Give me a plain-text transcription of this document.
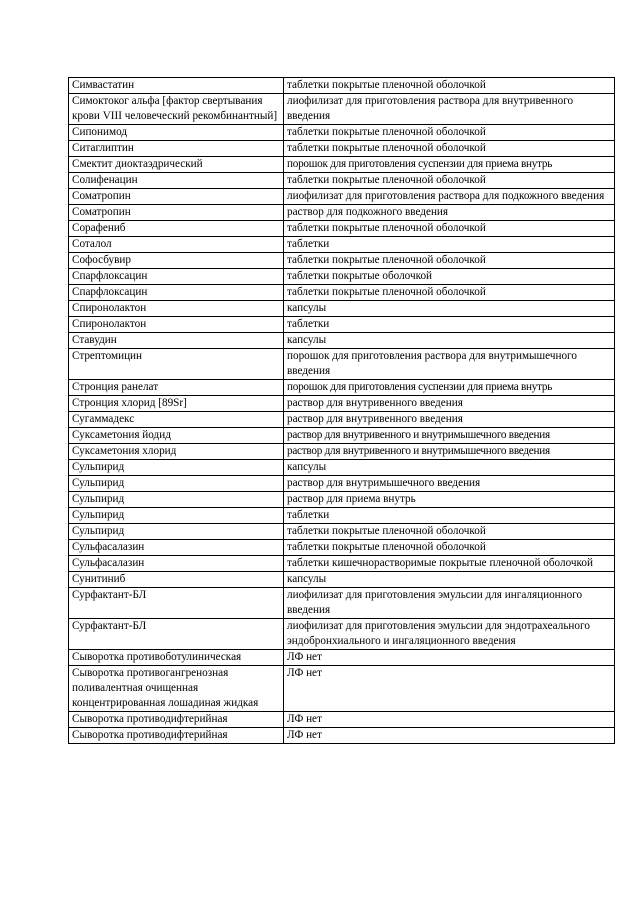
Симвастатин	таблетки покрытые пленочной оболочкой
Симоктоког альфа [фактор свертывания крови VIII человеческий рекомбинантный]	лиофилизат для приготовления раствора для внутривенного введения
Сипонимод	таблетки покрытые пленочной оболочкой
Ситаглиптин	таблетки покрытые пленочной оболочкой
Смектит диоктаэдрический	порошок для приготовления суспензии для приема внутрь
Солифенацин	таблетки покрытые пленочной оболочкой
Соматропин	лиофилизат для приготовления раствора для подкожного введения
Соматропин	раствор для подкожного введения
Сорафениб	таблетки покрытые пленочной оболочкой
Соталол	таблетки
Софосбувир	таблетки покрытые пленочной оболочкой
Спарфлоксацин	таблетки покрытые оболочкой
Спарфлоксацин	таблетки покрытые пленочной оболочкой
Спиронолактон	капсулы
Спиронолактон	таблетки
Ставудин	капсулы
Стрептомицин	порошок для приготовления раствора для внутримышечного введения
Стронция ранелат	порошок для приготовления суспензии для приема внутрь
Стронция хлорид [89Sr]	раствор для внутривенного введения
Сугаммадекс	раствор для внутривенного введения
Суксаметония йодид	раствор для внутривенного и внутримышечного введения
Суксаметония хлорид	раствор для внутривенного и внутримышечного введения
Сульпирид	капсулы
Сульпирид	раствор для внутримышечного введения
Сульпирид	раствор для приема внутрь
Сульпирид	таблетки
Сульпирид	таблетки покрытые пленочной оболочкой
Сульфасалазин	таблетки покрытые пленочной оболочкой
Сульфасалазин	таблетки кишечнорастворимые покрытые пленочной оболочкой
Сунитиниб	капсулы
Сурфактант-БЛ	лиофилизат для приготовления эмульсии для ингаляционного введения
Сурфактант-БЛ	лиофилизат для приготовления эмульсии для эндотрахеального эндобронхиального и ингаляционного введения
Сыворотка противоботулиническая	ЛФ нет
Сыворотка противогангренозная поливалентная очищенная концентрированная лошадиная жидкая	ЛФ нет
Сыворотка противодифтерийная	ЛФ нет
Сыворотка противодифтерийная	ЛФ нет
